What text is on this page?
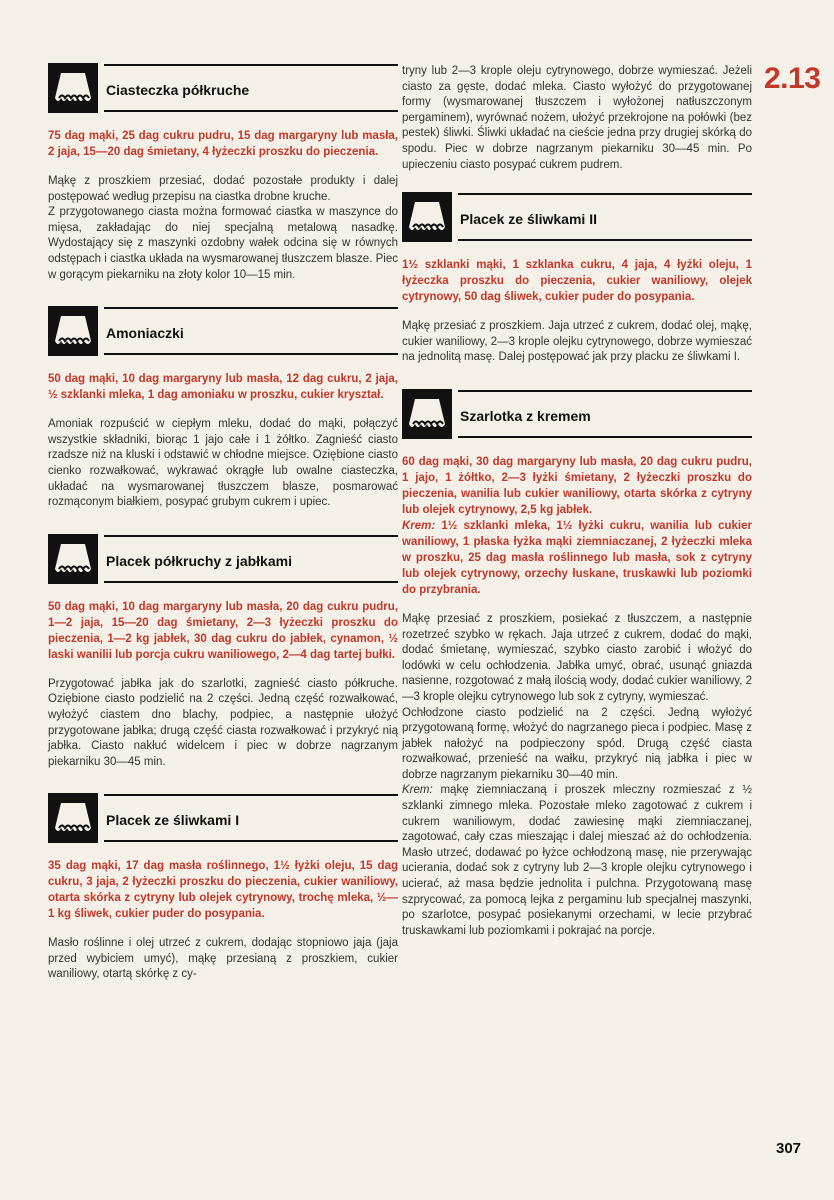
2.13
Ciasteczka półkruche

75 dag mąki, 25 dag cukru pudru, 15 dag margaryny lub masła, 2 jaja, 15—20 dag śmietany, 4 łyżeczki proszku do pieczenia.

Mąkę z proszkiem przesiać, dodać pozostałe produkty i dalej postępować według przepisu na ciastka drobne kruche.

Z przygotowanego ciasta można formować ciastka w maszynce do mięsa, zakładając do niej specjalną metalową nasadkę. Wydostający się z maszynki ozdobny wałek odcina się w równych odstępach i ciastka układa na wysmarowanej tłuszczem blasze. Piec w gorącym piekarniku na złoty kolor 10—15 min.

Amoniaczki

50 dag mąki, 10 dag margaryny lub masła, 12 dag cukru, 2 jaja, ½ szklanki mleka, 1 dag amoniaku w proszku, cukier kryształ.

Amoniak rozpuścić w ciepłym mleku, dodać do mąki, połączyć wszystkie składniki, biorąc 1 jajo całe i 1 żółtko. Zagnieść ciasto rzadsze niż na kluski i odstawić w chłodne miejsce. Oziębione ciasto cienko rozwałkować, wykrawać okrągłe lub owalne ciasteczka, układać na wysmarowanej tłuszczem blasze, posmarować rozmąconym białkiem, posypać grubym cukrem i upiec.

Placek półkruchy z jabłkami

50 dag mąki, 10 dag margaryny lub masła, 20 dag cukru pudru, 1—2 jaja, 15—20 dag śmietany, 2—3 łyżeczki proszku do pieczenia, 1—2 kg jabłek, 30 dag cukru do jabłek, cynamon, ½ laski wanilii lub porcja cukru waniliowego, 2—4 dag tartej bułki.

Przygotować jabłka jak do szarlotki, zagnieść ciasto półkruche. Oziębione ciasto podzielić na 2 części. Jedną część rozwałkować, wyłożyć ciastem dno blachy, podpiec, a następnie ułożyć przygotowane jabłka; drugą część ciasta rozwałkować i przykryć nią jabłka. Ciasto nakłuć widelcem i piec w dobrze nagrzanym piekarniku 30—45 min.

Placek ze śliwkami I

35 dag mąki, 17 dag masła roślinnego, 1½ łyżki oleju, 15 dag cukru, 3 jaja, 2 łyżeczki proszku do pieczenia, cukier waniliowy, otarta skórka z cytryny lub olejek cytrynowy, trochę mleka, ½—1 kg śliwek, cukier puder do posypania.

Masło roślinne i olej utrzeć z cukrem, dodając stopniowo jaja (jaja przed wybiciem umyć), mąkę przesianą z proszkiem, cukier waniliowy, otartą skórkę z cy-

tryny lub 2—3 krople oleju cytrynowego, dobrze wymieszać. Jeżeli ciasto za gęste, dodać mleka. Ciasto wyłożyć do przygotowanej formy (wysmarowanej tłuszczem i wyłożonej natłuszczonym pergaminem), wyrównać nożem, ułożyć przekrojone na połówki (bez pestek) śliwki. Śliwki układać na cieście jedna przy drugiej skórką do spodu. Piec w dobrze nagrzanym piekarniku 30—45 min. Po upieczeniu ciasto posypać cukrem pudrem.

Placek ze śliwkami II

1½ szklanki mąki, 1 szklanka cukru, 4 jaja, 4 łyżki oleju, 1 łyżeczka proszku do pieczenia, cukier waniliowy, olejek cytrynowy, 50 dag śliwek, cukier puder do posypania.

Mąkę przesiać z proszkiem. Jaja utrzeć z cukrem, dodać olej, mąkę, cukier waniliowy, 2—3 krople olejku cytrynowego, dobrze wymieszać na jednolitą masę. Dalej postępować jak przy placku ze śliwkami I.

Szarlotka z kremem

60 dag mąki, 30 dag margaryny lub masła, 20 dag cukru pudru, 1 jajo, 1 żółtko, 2—3 łyżki śmietany, 2 łyżeczki proszku do pieczenia, wanilia lub cukier waniliowy, otarta skórka z cytryny lub olejek cytrynowy, 2,5 kg jabłek.
Krem: 1½ szklanki mleka, 1½ łyżki cukru, wanilia lub cukier waniliowy, 1 płaska łyżka mąki ziemniaczanej, 2 łyżeczki mleka w proszku, 25 dag masła roślinnego lub masła, sok z cytryny lub olejek cytrynowy, orzechy łuskane, truskawki lub poziomki do przybrania.

Mąkę przesiać z proszkiem, posiekać z tłuszczem, a następnie rozetrzeć szybko w rękach. Jaja utrzeć z cukrem, dodać do mąki, dodać śmietanę, wymieszać, szybko ciasto zarobić i włożyć do lodówki w celu ochłodzenia. Jabłka umyć, obrać, usunąć gniazda nasienne, rozgotować z małą ilością wody, dodać cukier waniliowy, 2—3 krople olejku cytrynowego lub sok z cytryny, wymieszać.

Ochłodzone ciasto podzielić na 2 części. Jedną wyłożyć przygotowaną formę, włożyć do nagrzanego pieca i podpiec. Masę z jabłek nałożyć na podpieczony spód. Drugą część ciasta rozwałkować, przenieść na wałku, przykryć nią jabłka i piec w dobrze nagrzanym piekarniku 30—40 min.

Krem: mąkę ziemniaczaną i proszek mleczny rozmieszać z ½ szklanki zimnego mleka. Pozostałe mleko zagotować z cukrem i cukrem waniliowym, dodać zawiesinę mąki ziemniaczanej, zagotować, cały czas mieszając i dalej mieszać aż do ochłodzenia. Masło utrzeć, dodawać po łyżce ochłodzoną masę, nie przerywając ucierania, dodać sok z cytryny lub 2—3 krople olejku cytrynowego i ucierać, aż masa będzie jednolita i pulchna. Przygotowaną masę szprycować, za pomocą lejka z pergaminu lub specjalnej maszynki, po szarlotce, posypać posiekanymi orzechami, w lecie przybrać truskawkami lub poziomkami i pokrajać na porcje.

307
